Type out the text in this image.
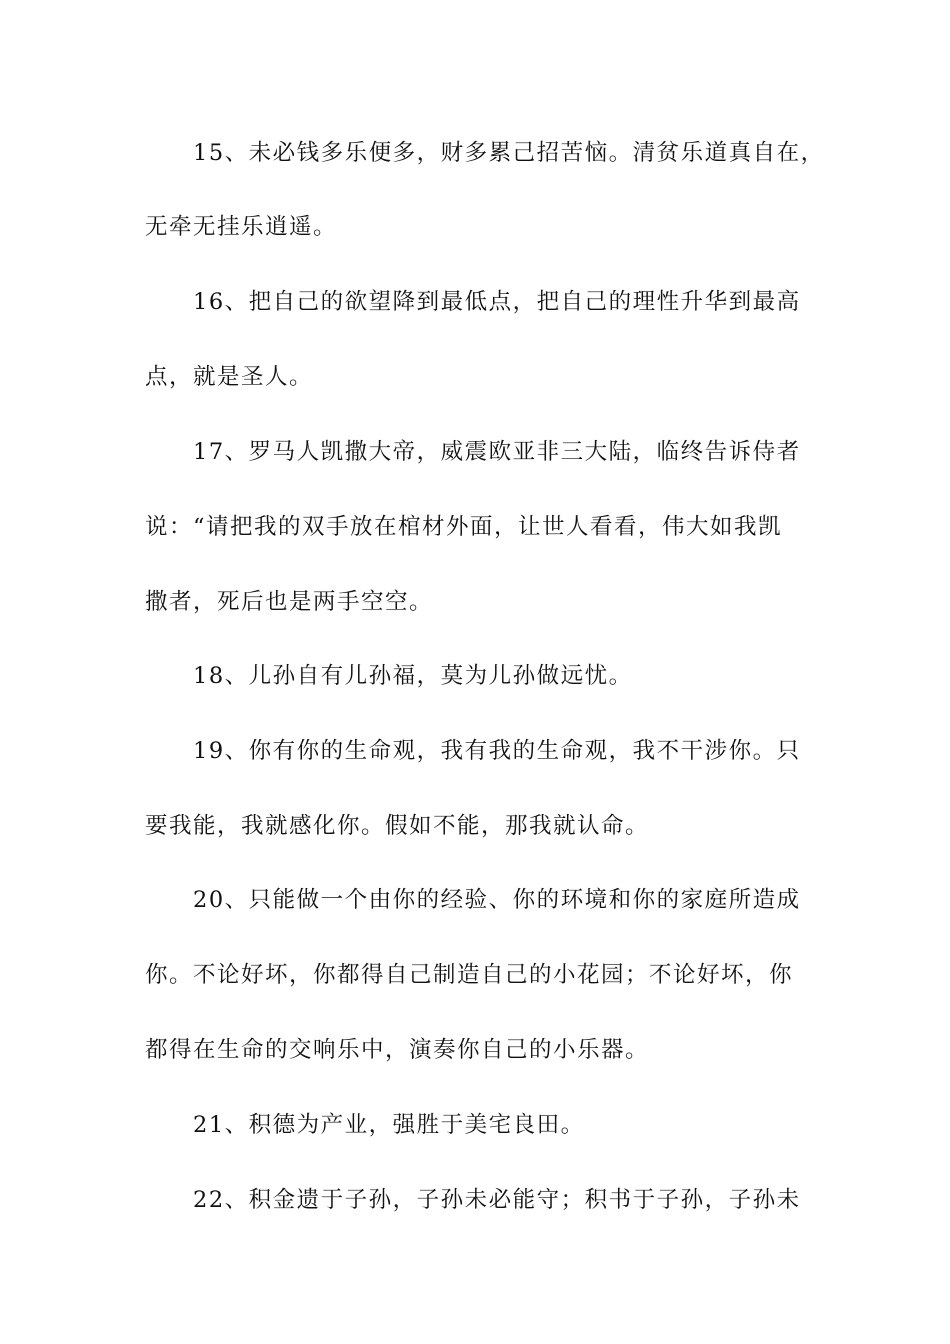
15、未必钱多乐便多，财多累己招苦恼。清贫乐道真自在，
无牵无挂乐逍遥。
16、把自己的欲望降到最低点，把自己的理性升华到最高
点，就是圣人。
17、罗马人凯撒大帝，威震欧亚非三大陆，临终告诉侍者
说：“请把我的双手放在棺材外面，让世人看看，伟大如我凯
撒者，死后也是两手空空。
18、儿孙自有儿孙福，莫为儿孙做远忧。
19、你有你的生命观，我有我的生命观，我不干涉你。只
要我能，我就感化你。假如不能，那我就认命。
20、只能做一个由你的经验、你的环境和你的家庭所造成
你。不论好坏，你都得自己制造自己的小花园；不论好坏，你
都得在生命的交响乐中，演奏你自己的小乐器。
21、积德为产业，强胜于美宅良田。
22、积金遗于子孙，子孙未必能守；积书于子孙，子孙未
